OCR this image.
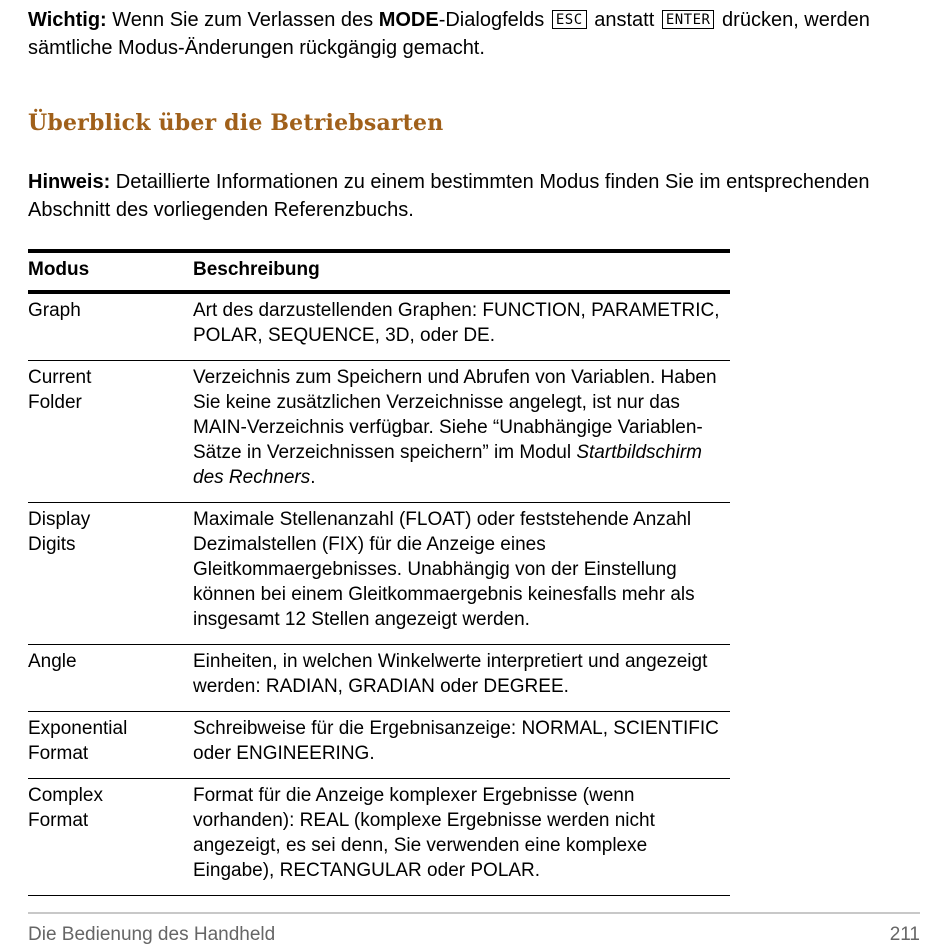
Wichtig: Wenn Sie zum Verlassen des MODE-Dialogfelds ESC anstatt ENTER drücken, werden sämtliche Modus-Änderungen rückgängig gemacht.

Überblick über die Betriebsarten

Hinweis: Detaillierte Informationen zu einem bestimmten Modus finden Sie im entsprechenden Abschnitt des vorliegenden Referenzbuchs.

Modus	Beschreibung
Graph	Art des darzustellenden Graphen: FUNCTION, PARAMETRIC, POLAR, SEQUENCE, 3D, oder DE.
Current
Folder	Verzeichnis zum Speichern und Abrufen von Variablen. Haben Sie keine zusätzlichen Verzeichnisse angelegt, ist nur das MAIN-Verzeichnis verfügbar. Siehe “Unabhängige Variablen-Sätze in Verzeichnissen speichern” im Modul Startbildschirm des Rechners.
Display
Digits	Maximale Stellenanzahl (FLOAT) oder feststehende Anzahl Dezimalstellen (FIX) für die Anzeige eines Gleitkommaergebnisses. Unabhängig von der Einstellung können bei einem Gleitkommaergebnis keinesfalls mehr als insgesamt 12 Stellen angezeigt werden.
Angle	Einheiten, in welchen Winkelwerte interpretiert und angezeigt werden: RADIAN, GRADIAN oder DEGREE.
Exponential
Format	Schreibweise für die Ergebnisanzeige: NORMAL, SCIENTIFIC oder ENGINEERING.
Complex
Format	Format für die Anzeige komplexer Ergebnisse (wenn vorhanden): REAL (komplexe Ergebnisse werden nicht angezeigt, es sei denn, Sie verwenden eine komplexe Eingabe), RECTANGULAR oder POLAR.
Die Bedienung des Handheld	211
